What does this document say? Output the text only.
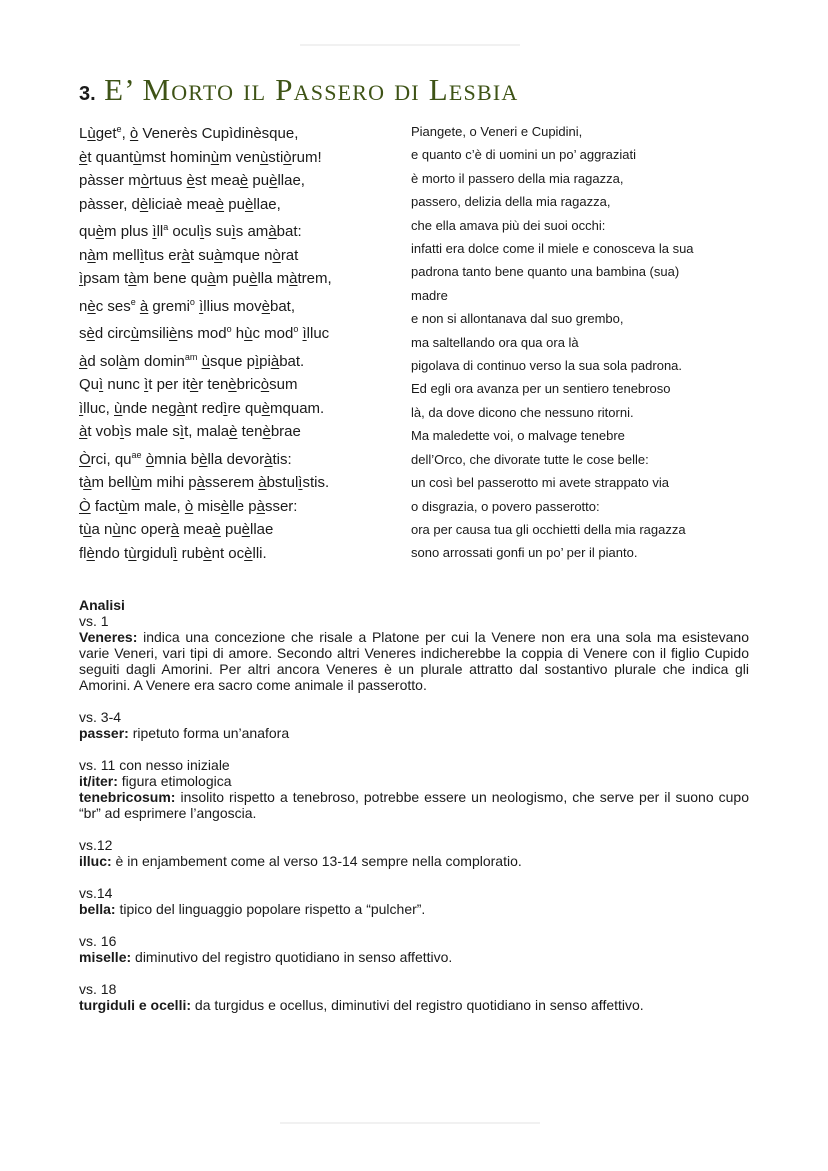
3. E’ Morto il Passero di Lesbia
Lùget$^e$, ò Venerès Cupìdinèsque,
èt quantùmst hominùm venùstiòrum!
pàsser mòrtuus èst meaè puèllae,
pàsser, dèliciaè meaè puèllae,
quèm plus ìll$^a$ oculìs suìs amàbat:
nàm mellìtus eràt suàmque nòrat
ìpsam tàm bene quàm puèlla màtrem,
nèc ses$^e$ à gremi$^o$ ìllius movèbat,
sèd circùmsilièns mod$^o$ hùc mod$^o$ ìlluc
àd solàm domin$^{am}$ ùsque pìpiàbat.
Quì nunc ìt per itèr tenèbricòsum
ìlluc, ùnde negànt redìre quèmquam.
àt vobìs male sìt, malaè tenèbrae
Òrci, $qu^{ae}$ òmnia bèlla devoràtis:
tàm bellùm mihi pàsserem àbstulìstis.
Ò factùm male, ò misèlle pàsser:
tùa nùnc operà meaè puèllae
flèndo tùrgidulì rubènt ocèlli.
Piangete, o Veneri e Cupidini,
e quanto c’è di uomini un po’ aggraziati
è morto il passero della mia ragazza,
passero, delizia della mia ragazza,
che ella amava più dei suoi occhi:
infatti era dolce come il miele e conosceva la sua
padrona tanto bene quanto una bambina (sua)
madre
e non si allontanava dal suo grembo,
ma saltellando ora qua ora là
pigolava di continuo verso la sua sola padrona.
Ed egli ora avanza per un sentiero tenebroso
là, da dove dicono che nessuno ritorni.
Ma maledette voi, o malvage tenebre
dell’Orco, che divorate tutte le cose belle:
un così bel passerotto mi avete strappato via
o disgrazia, o povero passerotto:
ora per causa tua gli occhietti della mia ragazza
sono arrossati gonfi un po’ per il pianto.
Analisi
vs. 1
Veneres: indica una concezione che risale a Platone per cui la Venere non era una sola ma esistevano varie Veneri, vari tipi di amore. Secondo altri Veneres indicherebbe la coppia di Venere con il figlio Cupido seguiti dagli Amorini. Per altri ancora Veneres è un plurale attratto dal sostantivo plurale che indica gli Amorini. A Venere era sacro come animale il passerotto.
vs. 3-4
passer: ripetuto forma un’anafora
vs. 11 con nesso iniziale
it/iter: figura etimologica
tenebricosum: insolito rispetto a tenebroso, potrebbe essere un neologismo, che serve per il suono cupo “br” ad esprimere l’angoscia.
vs.12
illuc: è in enjambement come al verso 13-14 sempre nella comploratio.
vs.14
bella: tipico del linguaggio popolare rispetto a “pulcher”.
vs. 16
miselle: diminutivo del registro quotidiano in senso affettivo.
vs. 18
turgiduli e ocelli: da turgidus e ocellus, diminutivi del registro quotidiano in senso affettivo.
